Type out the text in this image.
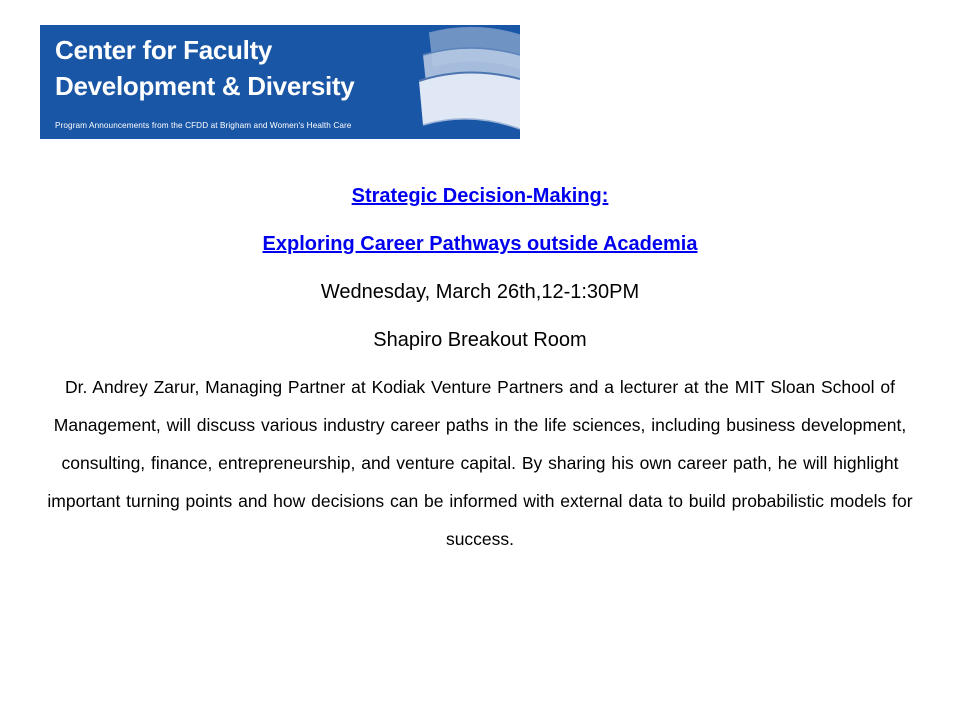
Center for Faculty
Development & Diversity
Program Announcements from the CFDD at Brigham and Women's Health Care
Strategic Decision-Making:
Exploring Career Pathways outside Academia
Wednesday, March 26th,12-1:30PM
Shapiro Breakout Room
Dr. Andrey Zarur, Managing Partner at Kodiak Venture Partners and a lecturer at the MIT Sloan School of Management, will discuss various industry career paths in the life sciences, including business development, consulting, finance, entrepreneurship, and venture capital. By sharing his own career path, he will highlight important turning points and how decisions can be informed with external data to build probabilistic models for success.
